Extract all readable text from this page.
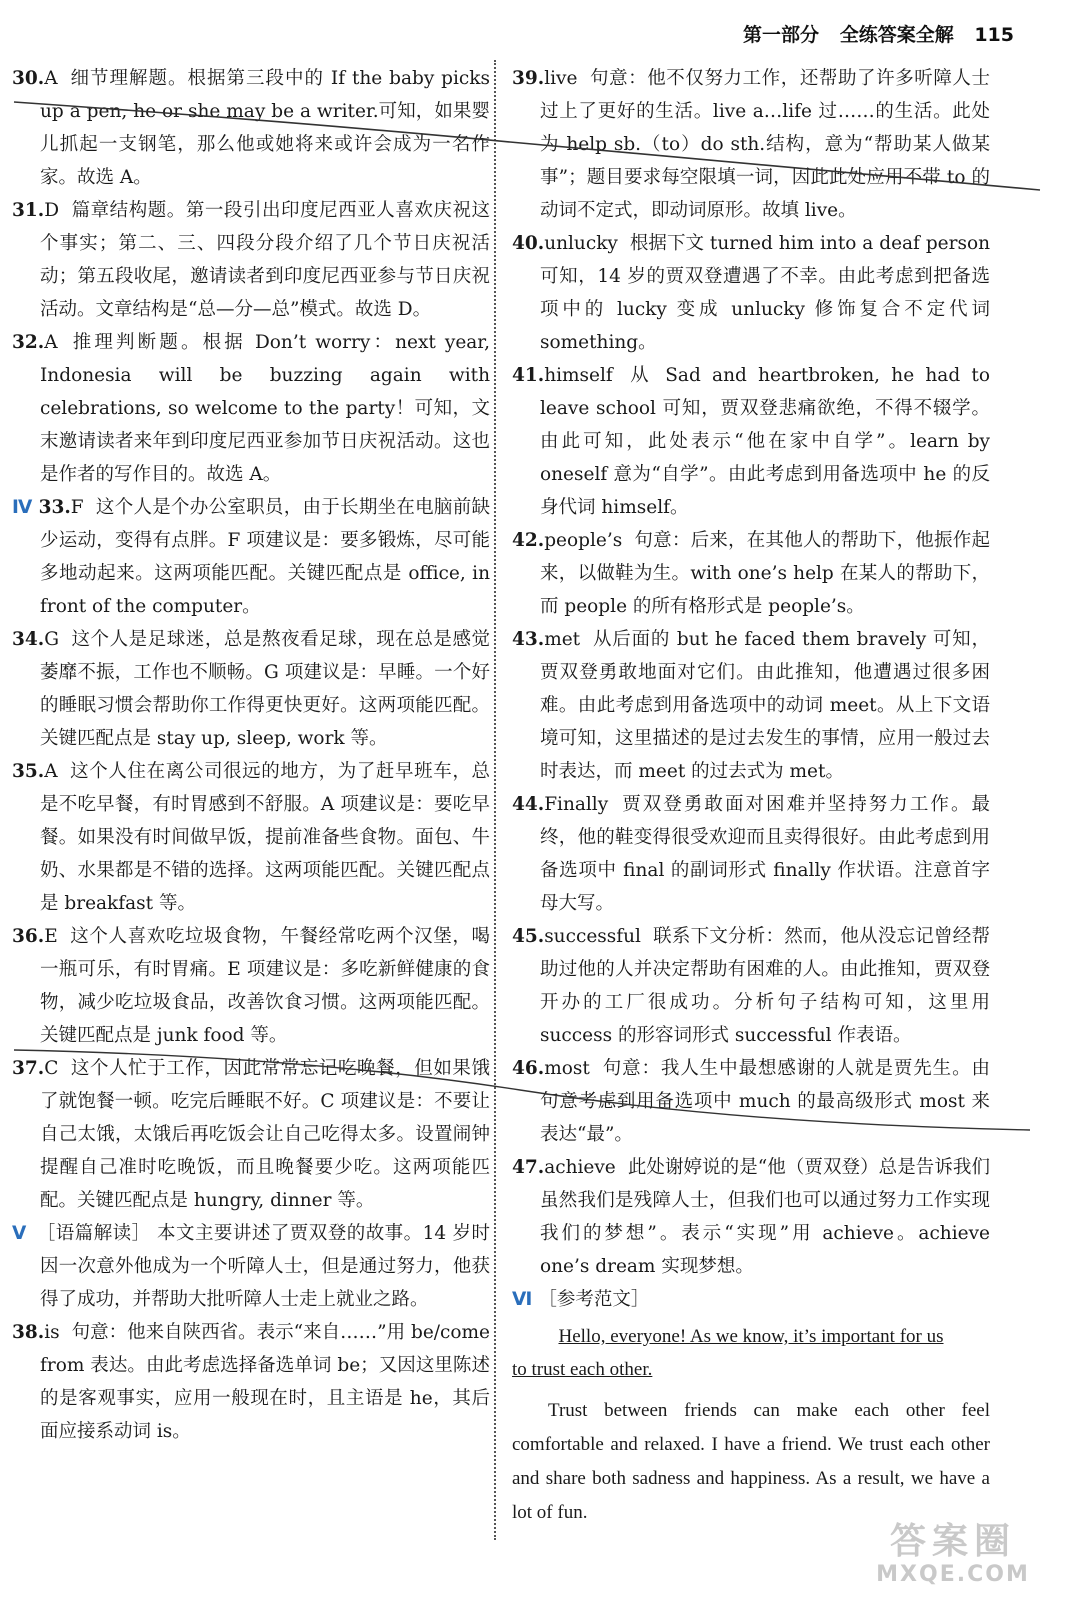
第一部分 全练答案全解 115

30.A 细节理解题。根据第三段中的 If the baby picks up a pen, he or she may be a writer.可知，如果婴儿抓起一支钢笔，那么他或她将来或许会成为一名作家。故选 A。

31.D 篇章结构题。第一段引出印度尼西亚人喜欢庆祝这个事实；第二、三、四段分段介绍了几个节日庆祝活动；第五段收尾，邀请读者到印度尼西亚参与节日庆祝活动。文章结构是“总—分—总”模式。故选 D。

32.A 推理判断题。根据 Don’t worry：next year, Indonesia will be buzzing again with celebrations, so welcome to the party！可知，文末邀请读者来年到印度尼西亚参加节日庆祝活动。这也是作者的写作目的。故选 A。

Ⅳ 33.F 这个人是个办公室职员，由于长期坐在电脑前缺少运动，变得有点胖。F 项建议是：要多锻炼，尽可能多地动起来。这两项能匹配。关键匹配点是 office, in front of the computer。

34.G 这个人是足球迷，总是熬夜看足球，现在总是感觉萎靡不振，工作也不顺畅。G 项建议是：早睡。一个好的睡眠习惯会帮助你工作得更快更好。这两项能匹配。关键匹配点是 stay up, sleep, work 等。

35.A 这个人住在离公司很远的地方，为了赶早班车，总是不吃早餐，有时胃感到不舒服。A 项建议是：要吃早餐。如果没有时间做早饭，提前准备些食物。面包、牛奶、水果都是不错的选择。这两项能匹配。关键匹配点是 breakfast 等。

36.E 这个人喜欢吃垃圾食物，午餐经常吃两个汉堡，喝一瓶可乐，有时胃痛。E 项建议是：多吃新鲜健康的食物，减少吃垃圾食品，改善饮食习惯。这两项能匹配。关键匹配点是 junk food 等。

37.C 这个人忙于工作，因此常常忘记吃晚餐，但如果饿了就饱餐一顿。吃完后睡眠不好。C 项建议是：不要让自己太饿，太饿后再吃饭会让自己吃得太多。设置闹钟提醒自己准时吃晚饭，而且晚餐要少吃。这两项能匹配。关键匹配点是 hungry, dinner 等。

Ⅴ ［语篇解读］ 本文主要讲述了贾双登的故事。14 岁时因一次意外他成为一个听障人士，但是通过努力，他获得了成功，并帮助大批听障人士走上就业之路。

38.is 句意：他来自陕西省。表示“来自……”用 be/come from 表达。由此考虑选择备选单词 be；又因这里陈述的是客观事实，应用一般现在时，且主语是 he，其后面应接系动词 is。

39.live 句意：他不仅努力工作，还帮助了许多听障人士过上了更好的生活。live a…life 过……的生活。此处为 help sb.（to）do sth.结构，意为“帮助某人做某事”；题目要求每空限填一词，因此此处应用不带 to 的动词不定式，即动词原形。故填 live。

40.unlucky 根据下文 turned him into a deaf person 可知，14 岁的贾双登遭遇了不幸。由此考虑到把备选项中的 lucky 变成 unlucky 修饰复合不定代词 something。

41.himself 从 Sad and heartbroken, he had to leave school 可知，贾双登悲痛欲绝，不得不辍学。由此可知，此处表示“他在家中自学”。learn by oneself 意为“自学”。由此考虑到用备选项中 he 的反身代词 himself。

42.people’s 句意：后来，在其他人的帮助下，他振作起来，以做鞋为生。with one’s help 在某人的帮助下，而 people 的所有格形式是 people’s。

43.met 从后面的 but he faced them bravely 可知，贾双登勇敢地面对它们。由此推知，他遭遇过很多困难。由此考虑到用备选项中的动词 meet。从上下文语境可知，这里描述的是过去发生的事情，应用一般过去时表达，而 meet 的过去式为 met。

44.Finally 贾双登勇敢面对困难并坚持努力工作。最终，他的鞋变得很受欢迎而且卖得很好。由此考虑到用备选项中 final 的副词形式 finally 作状语。注意首字母大写。

45.successful 联系下文分析：然而，他从没忘记曾经帮助过他的人并决定帮助有困难的人。由此推知，贾双登开办的工厂很成功。分析句子结构可知，这里用 success 的形容词形式 successful 作表语。

46.most 句意：我人生中最想感谢的人就是贾先生。由句意考虑到用备选项中 much 的最高级形式 most 来表达“最”。

47.achieve 此处谢婷说的是“他（贾双登）总是告诉我们虽然我们是残障人士，但我们也可以通过努力工作实现我们的梦想”。表示“实现”用 achieve。achieve one’s dream 实现梦想。

Ⅵ ［参考范文］

Hello, everyone! As we know, it’s important for us
to trust each other.

Trust between friends can make each other feel comfortable and relaxed. I have a friend. We trust each other and share both sadness and happiness. As a result, we have a lot of fun.

答案圈
MXQE.COM
